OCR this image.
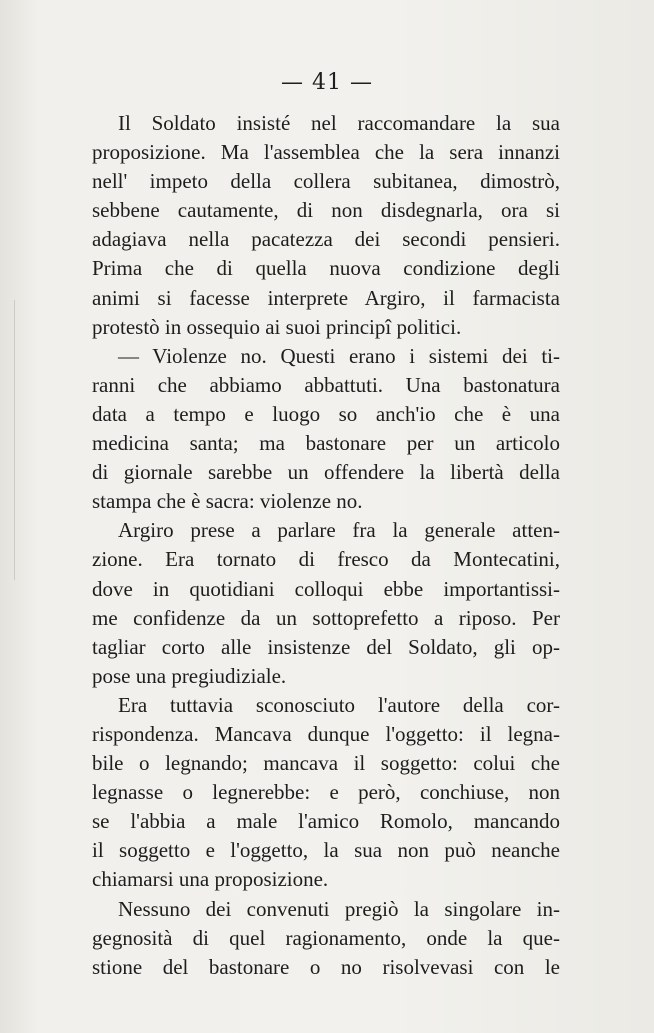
— 41 —
Il Soldato insisté nel raccomandare la sua
proposizione. Ma l'assemblea che la sera innanzi
nell' impeto della collera subitanea, dimostrò,
sebbene cautamente, di non disdegnarla, ora si
adagiava nella pacatezza dei secondi pensieri.
Prima che di quella nuova condizione degli
animi si facesse interprete Argiro, il farmacista
protestò in ossequio ai suoi principî politici.
— Violenze no. Questi erano i sistemi dei ti-
ranni che abbiamo abbattuti. Una bastonatura
data a tempo e luogo so anch'io che è una
medicina santa; ma bastonare per un articolo
di giornale sarebbe un offendere la libertà della
stampa che è sacra: violenze no.
Argiro prese a parlare fra la generale atten-
zione. Era tornato di fresco da Montecatini,
dove in quotidiani colloqui ebbe importantissi-
me confidenze da un sottoprefetto a riposo. Per
tagliar corto alle insistenze del Soldato, gli op-
pose una pregiudiziale.
Era tuttavia sconosciuto l'autore della cor-
rispondenza. Mancava dunque l'oggetto: il legna-
bile o legnando; mancava il soggetto: colui che
legnasse o legnerebbe: e però, conchiuse, non
se l'abbia a male l'amico Romolo, mancando
il soggetto e l'oggetto, la sua non può neanche
chiamarsi una proposizione.
Nessuno dei convenuti pregiò la singolare in-
gegnosità di quel ragionamento, onde la que-
stione del bastonare o no risolvevasi con le
